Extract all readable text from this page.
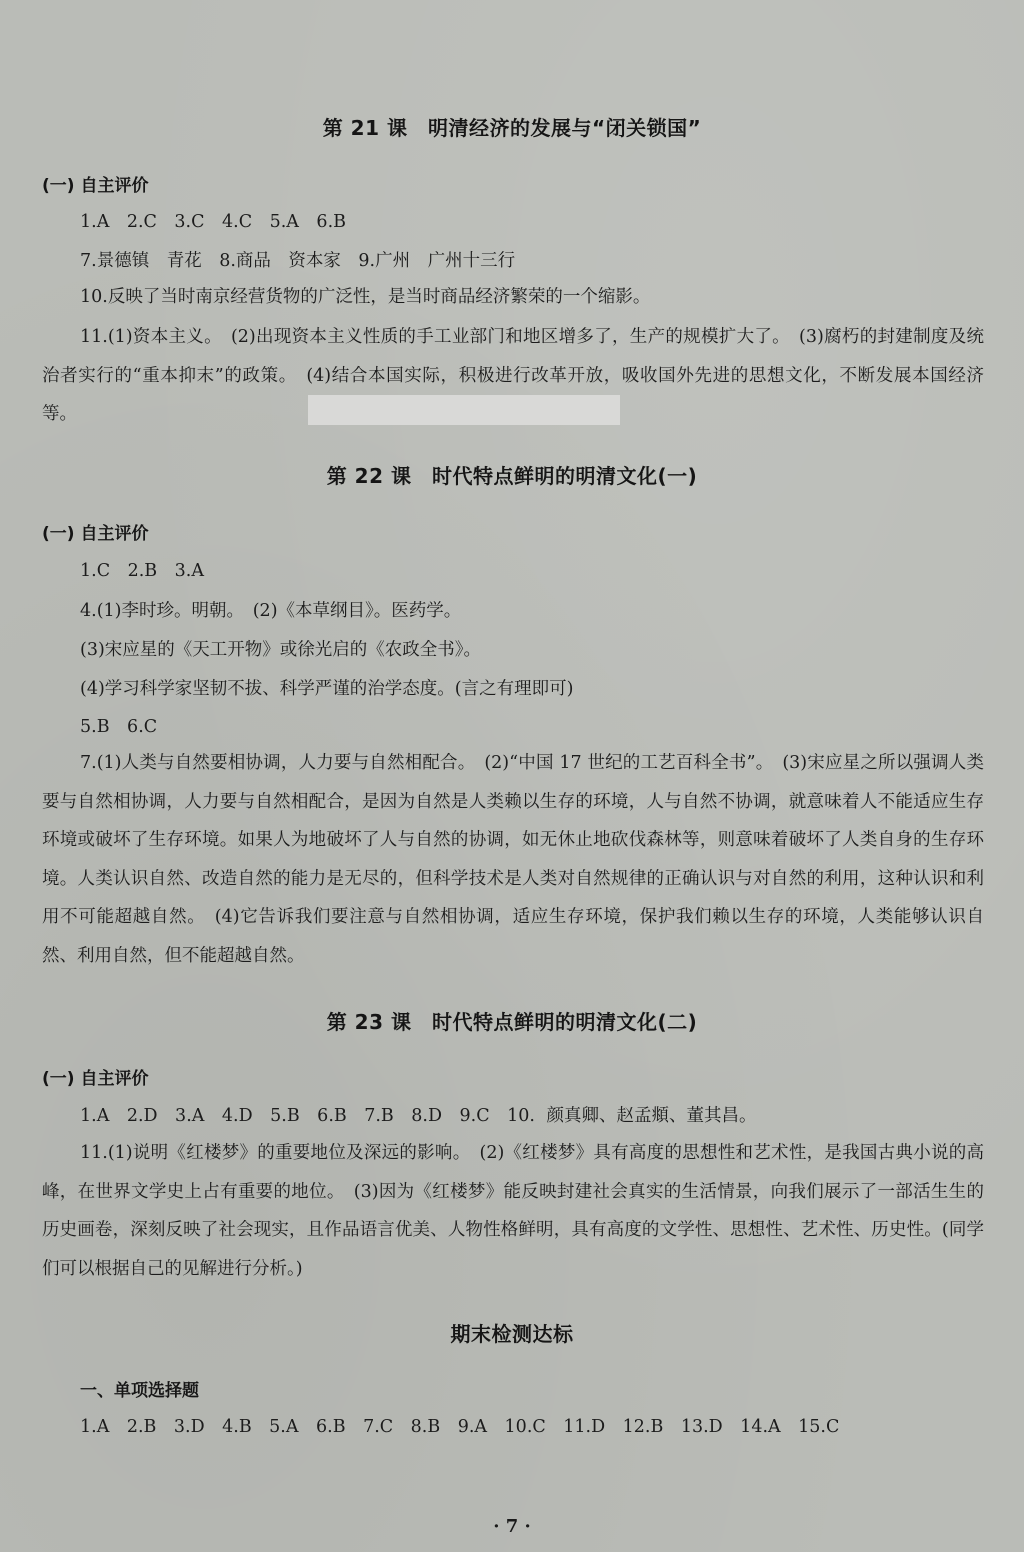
第 21 课　明清经济的发展与“闭关锁国”
(一) 自主评价
1.A　2.C　3.C　4.C　5.A　6.B
7.景德镇　青花　8.商品　资本家　9.广州　广州十三行
10.反映了当时南京经营货物的广泛性，是当时商品经济繁荣的一个缩影。
11.(1)资本主义。　(2)出现资本主义性质的手工业部门和地区增多了，生产的规模扩大了。　(3)腐朽的封建制度及统治者实行的“重本抑末”的政策。　(4)结合本国实际，积极进行改革开放，吸收国外先进的思想文化，不断发展本国经济等。
第 22 课　时代特点鲜明的明清文化(一)
(一) 自主评价
1.C　2.B　3.A
4.(1)李时珍。明朝。　(2)《本草纲目》。医药学。
(3)宋应星的《天工开物》或徐光启的《农政全书》。
(4)学习科学家坚韧不拔、科学严谨的治学态度。(言之有理即可)
5.B　6.C
7.(1)人类与自然要相协调，人力要与自然相配合。　(2)“中国 17 世纪的工艺百科全书”。　(3)宋应星之所以强调人类要与自然相协调，人力要与自然相配合，是因为自然是人类赖以生存的环境，人与自然不协调，就意味着人不能适应生存环境或破坏了生存环境。如果人为地破坏了人与自然的协调，如无休止地砍伐森林等，则意味着破坏了人类自身的生存环境。人类认识自然、改造自然的能力是无尽的，但科学技术是人类对自然规律的正确认识与对自然的利用，这种认识和利用不可能超越自然。　(4)它告诉我们要注意与自然相协调，适应生存环境，保护我们赖以生存的环境，人类能够认识自然、利用自然，但不能超越自然。
第 23 课　时代特点鲜明的明清文化(二)
(一) 自主评价
1.A　2.D　3.A　4.D　5.B　6.B　7.B　8.D　9.C　10. 颜真卿、赵孟頫、董其昌。
11.(1)说明《红楼梦》的重要地位及深远的影响。　(2)《红楼梦》具有高度的思想性和艺术性，是我国古典小说的高峰，在世界文学史上占有重要的地位。　(3)因为《红楼梦》能反映封建社会真实的生活情景，向我们展示了一部活生生的历史画卷，深刻反映了社会现实，且作品语言优美、人物性格鲜明，具有高度的文学性、思想性、艺术性、历史性。(同学们可以根据自己的见解进行分析。)
期末检测达标
一、单项选择题
1.A　2.B　3.D　4.B　5.A　6.B　7.C　8.B　9.A　10.C　11.D　12.B　13.D　14.A　15.C
· 7 ·
